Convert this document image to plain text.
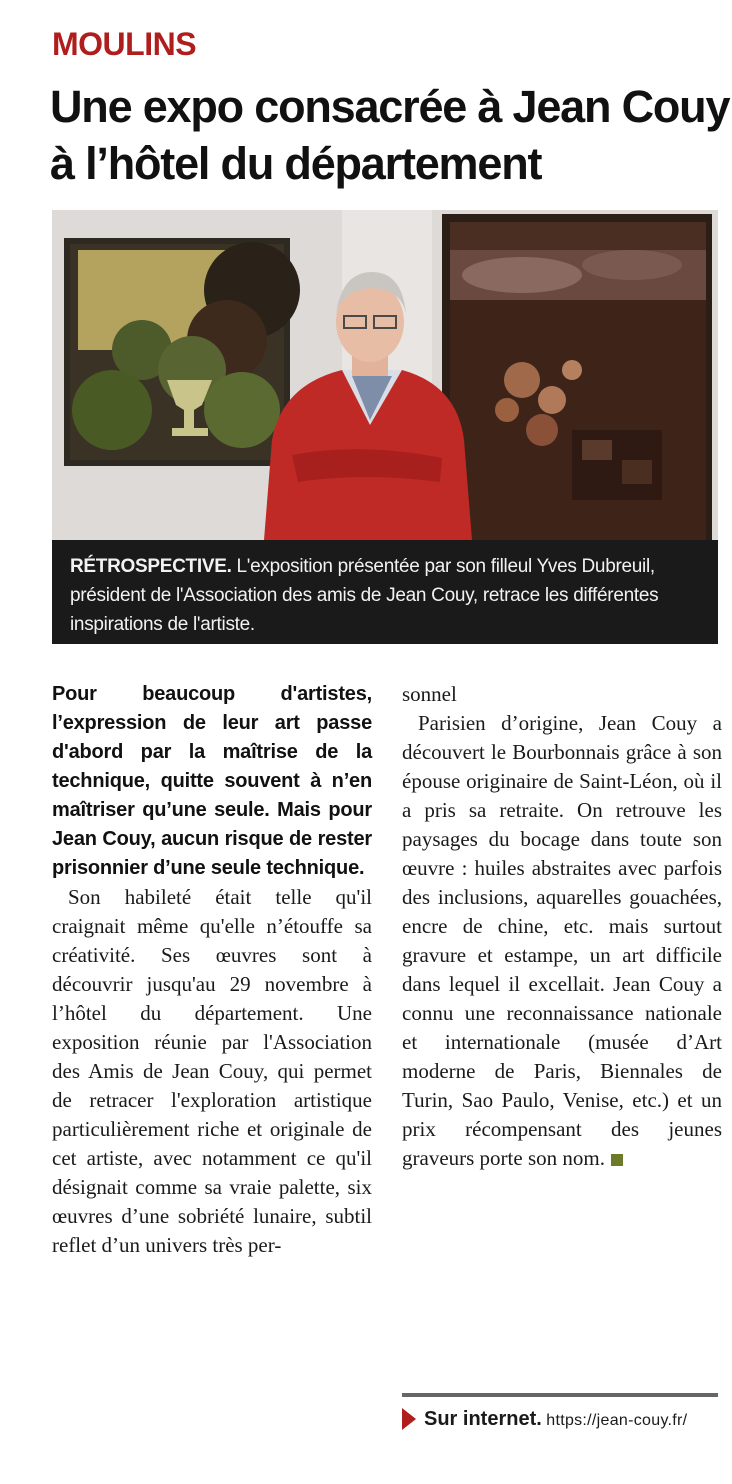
MOULINS
Une expo consacrée à Jean Couy à l’hôtel du département
RÉTROSPECTIVE. L'exposition présentée par son filleul Yves Dubreuil, président de l'Association des amis de Jean Couy, retrace les différentes inspirations de l'artiste.
Pour beaucoup d'artistes, l’expression de leur art passe d'abord par la maîtrise de la technique, quitte souvent à n’en maîtriser qu’une seule. Mais pour Jean Couy, aucun risque de rester prisonnier d’une seule technique.

Son habileté était telle qu'il craignait même qu'elle n’étouffe sa créativité. Ses œuvres sont à découvrir jusqu'au 29 novembre à l’hôtel du département. Une exposition réunie par l'Association des Amis de Jean Couy, qui permet de retracer l'exploration artistique particulièrement riche et originale de cet artiste, avec notamment ce qu'il désignait comme sa vraie palette, six œuvres d’une sobriété lunaire, subtil reflet d’un univers très per-

sonnel

Parisien d’origine, Jean Couy a découvert le Bourbonnais grâce à son épouse originaire de Saint-Léon, où il a pris sa retraite. On retrouve les paysages du bocage dans toute son œuvre : huiles abstraites avec parfois des inclusions, aquarelles gouachées, encre de chine, etc. mais surtout gravure et estampe, un art difficile dans lequel il excellait. Jean Couy a connu une reconnaissance nationale et internationale (musée d’Art moderne de Paris, Biennales de Turin, Sao Paulo, Venise, etc.) et un prix récompensant des jeunes graveurs porte son nom.

Sur internet. https://jean-couy.fr/
